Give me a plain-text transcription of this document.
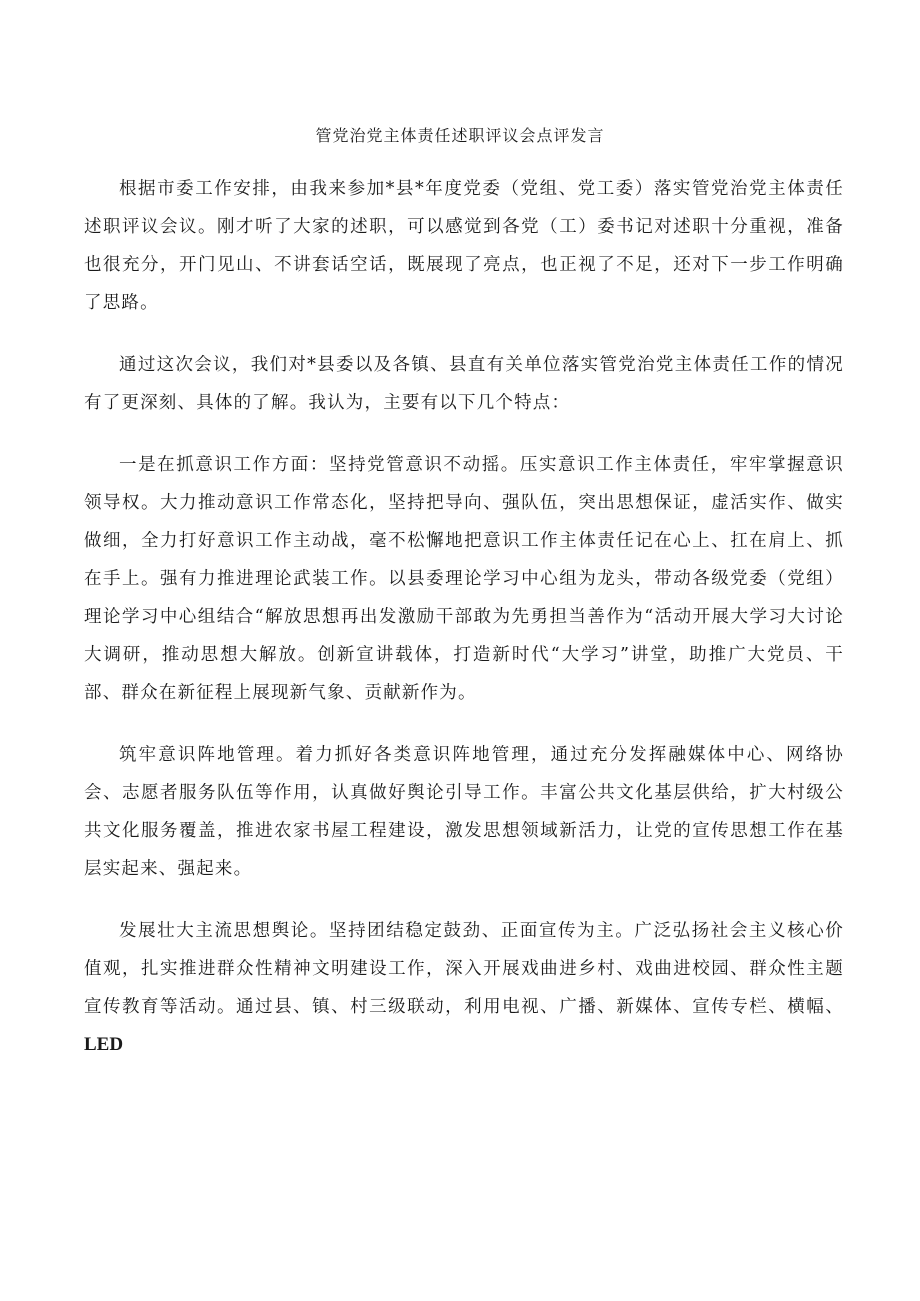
管党治党主体责任述职评议会点评发言

根据市委工作安排，由我来参加*县*年度党委（党组、党工委）落实管党治党主体责任述职评议会议。刚才听了大家的述职，可以感觉到各党（工）委书记对述职十分重视，准备也很充分，开门见山、不讲套话空话，既展现了亮点，也正视了不足，还对下一步工作明确了思路。

通过这次会议，我们对*县委以及各镇、县直有关单位落实管党治党主体责任工作的情况有了更深刻、具体的了解。我认为，主要有以下几个特点：

一是在抓意识工作方面：坚持党管意识不动摇。压实意识工作主体责任，牢牢掌握意识领导权。大力推动意识工作常态化，坚持把导向、强队伍，突出思想保证，虚活实作、做实做细，全力打好意识工作主动战，毫不松懈地把意识工作主体责任记在心上、扛在肩上、抓在手上。强有力推进理论武装工作。以县委理论学习中心组为龙头，带动各级党委（党组）理论学习中心组结合“解放思想再出发激励干部敢为先勇担当善作为“活动开展大学习大讨论大调研，推动思想大解放。创新宣讲载体，打造新时代“大学习”讲堂，助推广大党员、干部、群众在新征程上展现新气象、贡献新作为。

筑牢意识阵地管理。着力抓好各类意识阵地管理，通过充分发挥融媒体中心、网络协会、志愿者服务队伍等作用，认真做好舆论引导工作。丰富公共文化基层供给，扩大村级公共文化服务覆盖，推进农家书屋工程建设，激发思想领域新活力，让党的宣传思想工作在基层实起来、强起来。

发展壮大主流思想舆论。坚持团结稳定鼓劲、正面宣传为主。广泛弘扬社会主义核心价值观，扎实推进群众性精神文明建设工作，深入开展戏曲进乡村、戏曲进校园、群众性主题宣传教育等活动。通过县、镇、村三级联动，利用电视、广播、新媒体、宣传专栏、横幅、LED
